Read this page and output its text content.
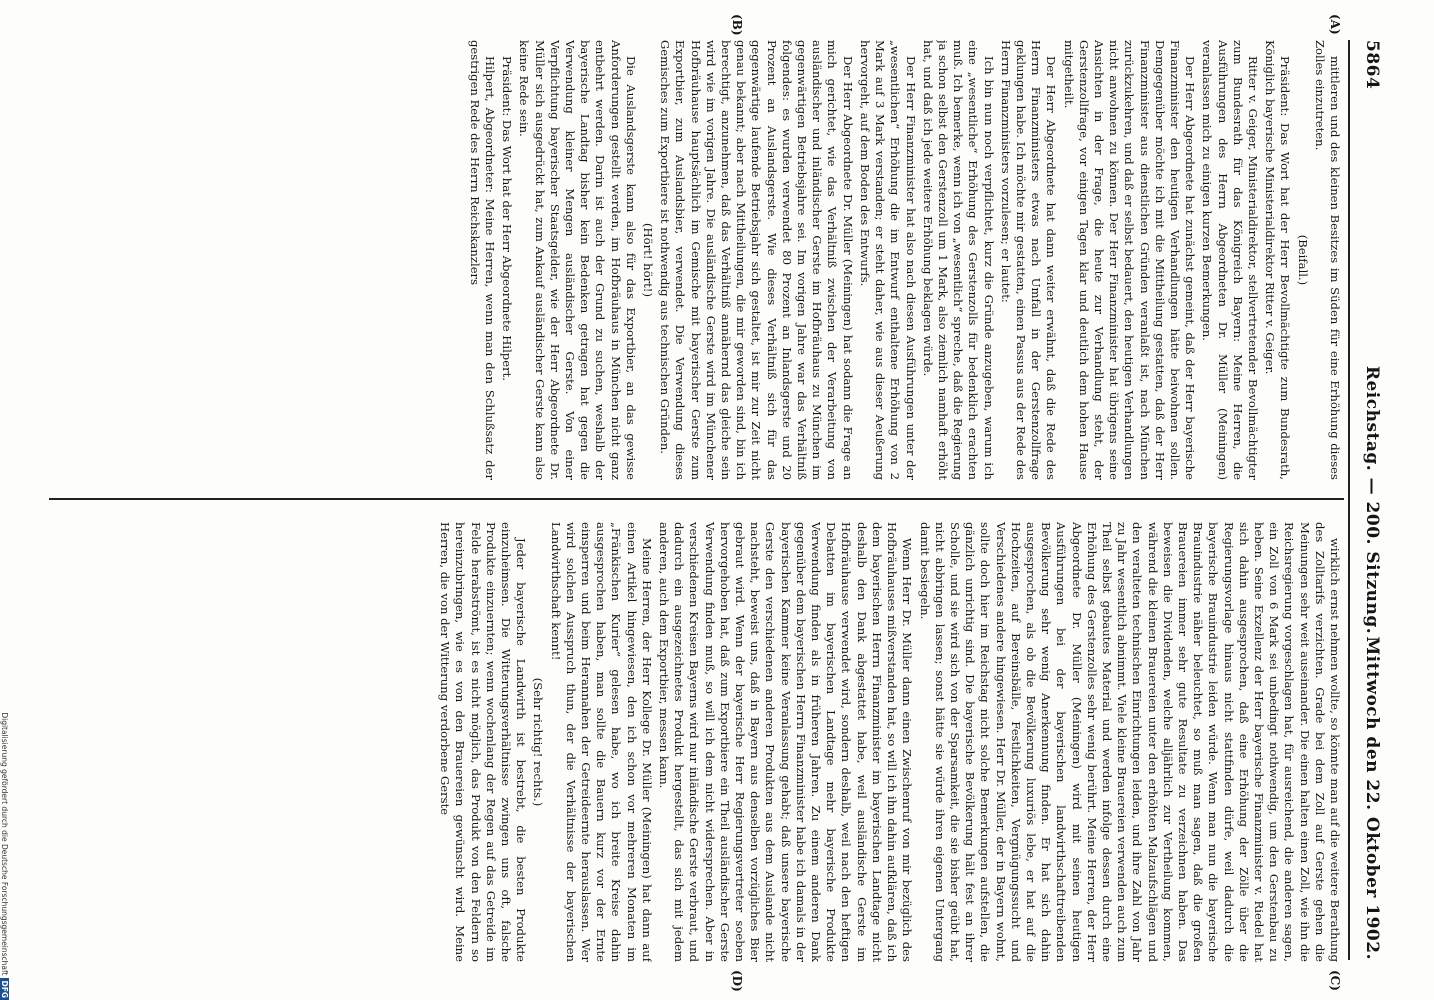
5864
Reichstag. — 200. Sitzung.
Mittwoch den 22. Oktober 1902.
(A)
(B)
(C)
(D)

mittleren und des kleinen Besitzes im Süden für eine Erhöhung dieses Zolles einzutreten.

(Beifall.)

Präsident: Das Wort hat der Herr Bevollmächtigte zum Bundesrath, Königlich bayerische Ministerialdirektor Ritter v. Geiger.

Ritter v. Geiger, Ministerialdirektor, stellvertretender Bevollmächtigter zum Bundesrath für das Königreich Bayern: Meine Herren, die Ausführungen des Herrn Abgeordneten Dr. Müller (Meiningen) veranlassen mich zu einigen kurzen Bemerkungen.

Der Herr Abgeordnete hat zunächst gemeint, daß der Herr bayerische Finanzminister den heutigen Verhandlungen hätte beiwohnen sollen. Demgegenüber möchte ich mit die Mittheilung gestatten, daß der Herr Finanzminister aus dienstlichen Gründen veranlaßt ist, nach München zurückzukehren, und daß er selbst bedauert, den heutigen Verhandlungen nicht anwohnen zu können. Der Herr Finanzminister hat übrigens seine Ansichten in der Frage, die heute zur Verhandlung steht, der Gerstenzollfrage, vor einigen Tagen klar und deutlich dem hohen Hause mitgetheilt.

Der Herr Abgeordnete hat dann weiter erwähnt, daß die Rede des Herrn Finanzministers etwas nach Umfall in der Gerstenzollfrage geklungen habe. Ich möchte mir gestatten, einen Passus aus der Rede des Herrn Finanzministers vorzulesen; er lautet:

Ich bin nun noch verpflichtet, kurz die Gründe anzugeben, warum ich eine „wesentliche“ Erhöhung des Gerstenzolls für bedenklich erachten muß. Ich bemerke, wenn ich von „wesentlich“ spreche, daß die Regierung ja schon selbst den Gerstenzoll um 1 Mark, also ziemlich namhaft erhöht hat, und daß ich jede weitere Erhöhung beklagen würde.

Der Herr Finanzminister hat also nach diesen Ausführungen unter der „wesentlichen“ Erhöhung die im Entwurf enthaltene Erhöhung von 2 Mark auf 3 Mark verstanden; er steht daher, wie aus dieser Aeußerung hervorgeht, auf dem Boden des Entwurfs.

Der Herr Abgeordnete Dr. Müller (Meiningen) hat sodann die Frage an mich gerichtet, wie das Verhältniß zwischen der Verarbeitung von ausländischer und inländischer Gerste im Hofbräuhaus zu München im gegenwärtigen Betriebsjahre sei. Im vorigen Jahre war das Verhältniß folgendes: es wurden verwendet 80 Prozent an Inlandsgerste und 20 Prozent an Auslandsgerste. Wie dieses Verhältniß sich für das gegenwärtige laufende Betriebsjahr sich gestaltet, ist mir zur Zeit nicht genau bekannt; aber nach Mittheilungen, die mir geworden sind, bin ich berechtigt, anzunehmen, daß das Verhältniß annähernd das gleiche sein wird wie im vorigen Jahre. Die ausländische Gerste wird im Münchener Hofbräuhause hauptsächlich im Gemische mit bayerischer Gerste zum Exportbier, zum Auslandsbier, verwendet. Die Verwendung dieses Gemisches zum Exportbiere ist nothwendig aus technischen Gründen.

(Hört! hört!)

Die Auslandsgerste kann also für das Exportbier, an das gewisse Anforderungen gestellt werden, im Hofbräuhaus in München nicht ganz entbehrt werden. Darin ist auch der Grund zu suchen, weshalb der bayerische Landtag bisher kein Bedenken getragen hat gegen die Verwendung kleiner Mengen ausländischer Gerste. Von einer Verpflichtung bayerischer Staatsgelder, wie der Herr Abgeordnete Dr. Müller sich ausgedrückt hat, zum Ankauf ausländischer Gerste kann also keine Rede sein.

Präsident: Das Wort hat der Herr Abgeordnete Hilpert.

Hilpert, Abgeordneter: Meine Herren, wenn man den Schlußsatz der gestrigen Rede des Herrn Reichskanzlers

wirklich ernst nehmen wollte, so könnte man auf die weitere Berathung des Zolltarifs verzichten. Grade bei dem Zoll auf Gerste gehen die Meinungen sehr weit auseinander. Die einen halten einen Zoll, wie ihn die Reichsregierung vorgeschlagen hat, für ausreichend, die anderen sagen, ein Zoll von 6 Mark sei unbedingt nothwendig, um den Gerstenbau zu heben. Seine Exzellenz der Herr bayerische Finanzminister v. Riedel hat sich dahin ausgesprochen, daß eine Erhöhung der Zölle über die Regierungsvorlage hinaus nicht stattfinden dürfe, weil dadurch die bayerische Brauindustrie leiden würde. Wenn man nun die bayerische Brauindustrie näher beleuchtet, so muß man sagen, daß die großen Brauereien immer sehr gute Resultate zu verzeichnen haben. Das beweisen die Dividenden, welche alljährlich zur Vertheilung kommen, während die kleinen Brauereien unter den erhöhten Malzaufschlägen und den veralteten technischen Einrichtungen leiden, und ihre Zahl von Jahr zu Jahr wesentlich abnimmt. Viele kleine Brauereien verwenden auch zum Theil selbst gebautes Material und werden infolge dessen durch eine Erhöhung des Gerstenzolles sehr wenig berührt. Meine Herren, der Herr Abgeordnete Dr. Müller (Meiningen) wird mit seinen heutigen Ausführungen bei der bayerischen landwirthschafttreibenden Bevölkerung sehr wenig Anerkennung finden. Er hat sich dahin ausgesprochen, als ob die Bevölkerung luxuriös lebe, er hat auf die Hochzeiten, auf Bereinsbälle, Festlichkeiten, Vergnügungssucht und Verschiedenes andere hingewiesen. Herr Dr. Müller, der in Bayern wohnt, sollte doch hier im Reichstag nicht solche Bemerkungen aufstellen, die gänzlich unrichtig sind. Die bayerische Bevölkerung hält fest an ihrer Scholle, und sie wird sich von der Sparsamkeit, die sie bisher geübt hat, nicht abbringen lassen; sonst hätte sie würde ihren eigenen Untergang damit besiegeln.

Wenn Herr Dr. Müller dann einen Zwischenruf von mir bezüglich des Hofbräuhauses mißverstanden hat, so will ich ihn dahin aufklären, daß ich dem bayerischen Herrn Finanzminister im bayerischen Landtage nicht deshalb den Dank abgestattet habe, weil ausländische Gerste im Hofbräuhause verwendet wird, sondern deshalb, weil nach den heftigen Debatten im bayerischen Landtage mehr bayerische Produkte Verwendung finden als in früheren Jahren. Zu einem anderen Dank gegenüber dem bayerischen Herrn Finanzminister habe ich damals in der bayerischen Kammer keine Veranlassung gehabt; daß unsere bayerische Gerste den verschiedenen anderen Produkten aus dem Auslande nicht nachsteht, beweist uns, daß in Bayern aus denselben vorzügliches Bier gebraut wird. Wenn der bayerische Herr Regierungsvertreter soeben hervorgehoben hat, daß zum Exportbiere ein Theil ausländischer Gerste Verwendung finden muß, so will ich dem nicht widersprechen. Aber in verschiedenen Kreisen Bayerns wird nur inländische Gerste verbraut, und dadurch ein ausgezeichnetes Produkt hergestellt, das sich mit jedem anderen, auch dem Exportbier, messen kann.

Meine Herren, der Herr Kollege Dr. Müller (Meiningen) hat dann auf einen Artikel hingewiesen, den ich schon vor mehreren Monaten im „Fränkischen Kurier“ gelesen habe, wo ich breite Kreise dahin ausgesprochen haben, man sollte die Bauern kurz vor der Ernte einsperren und beim Herannahen der Getreideernte herauslassen. Wer wird solchen Ausspruch thun, der die Verhältnisse der bayerischen Landwirthschaft kennt!

(Sehr richtig! rechts.)

Jeder bayerische Landwirth ist bestrebt, die besten Produkte einzuheimsen. Die Witterungsverhältnisse zwingen uns oft, falsche Produkte einzuernten; wenn wochenlang der Regen auf das Getreide im Felde herabströmt, ist es nicht möglich, das Produkt von den Feldern so hereinzubringen, wie es von den Brauereien gewünscht wird. Meine Herren, die von der Witterung verdorbene Gerste

Digitalisierung gefördert durch die Deutsche ForschungsgemeinschaftDFG
